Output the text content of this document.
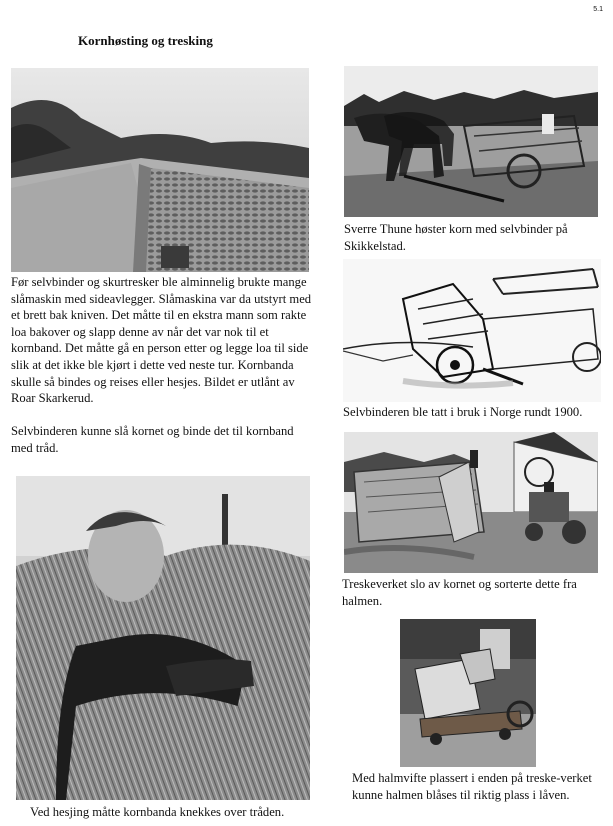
5.1
Kornhøsting og tresking
Sverre Thune høster korn med selvbinder på Skikkelstad.
Før selvbinder og skurtresker ble alminnelig brukte mange slåmaskin med sideavlegger. Slåmaskina var da utstyrt med et brett bak kniven. Det måtte til en ekstra mann som rakte loa bakover og slapp denne av når det var nok til et kornband. Det måtte gå en person etter og legge loa til side slik at det ikke ble kjørt i dette ved neste tur. Kornbanda skulle så bindes og reises eller hesjes. Bildet er utlånt av Roar Skarkerud.
Selvbinderen kunne slå kornet og binde det til kornband med tråd.
Selvbinderen ble tatt i bruk i Norge rundt 1900.
Treskeverket slo av kornet og sorterte dette fra halmen.
Ved hesjing måtte kornbanda knekkes over tråden.
Med halmvifte plassert i enden på treske-verket kunne halmen blåses til riktig plass i låven.
